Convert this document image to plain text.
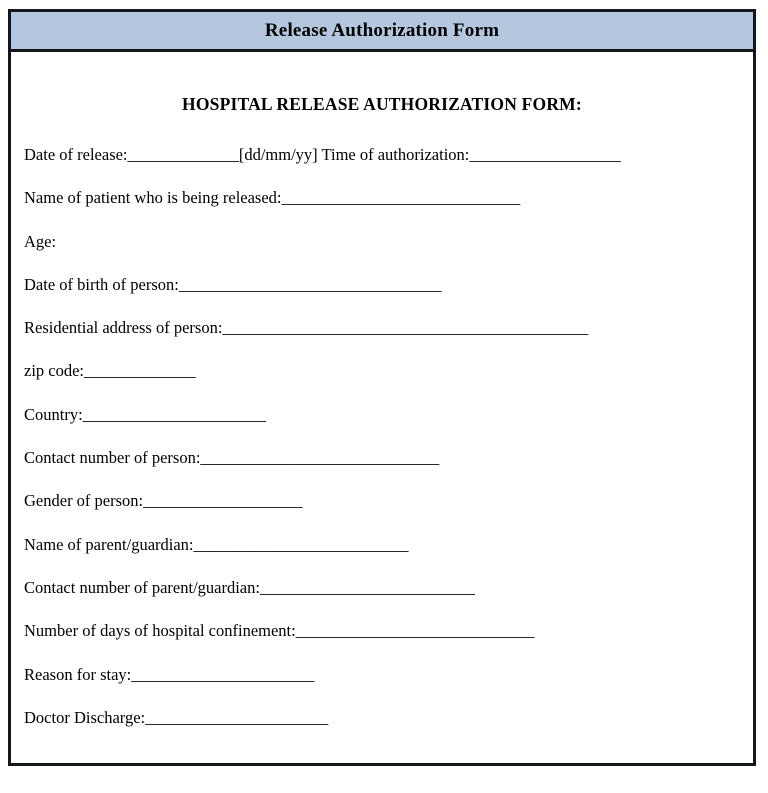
Release Authorization Form
HOSPITAL RELEASE AUTHORIZATION FORM:
Date of release:______________[dd/mm/yy] Time of authorization:___________________
Name of patient who is being released:______________________________
Age:
Date of birth of person:_________________________________
Residential address of person:______________________________________________
zip code:______________
Country:_______________________
Contact number of person:______________________________
Gender of person:____________________
Name of parent/guardian:___________________________
Contact number of parent/guardian:___________________________
Number of days of hospital confinement:______________________________
Reason for stay:_______________________
Doctor Discharge:_______________________
